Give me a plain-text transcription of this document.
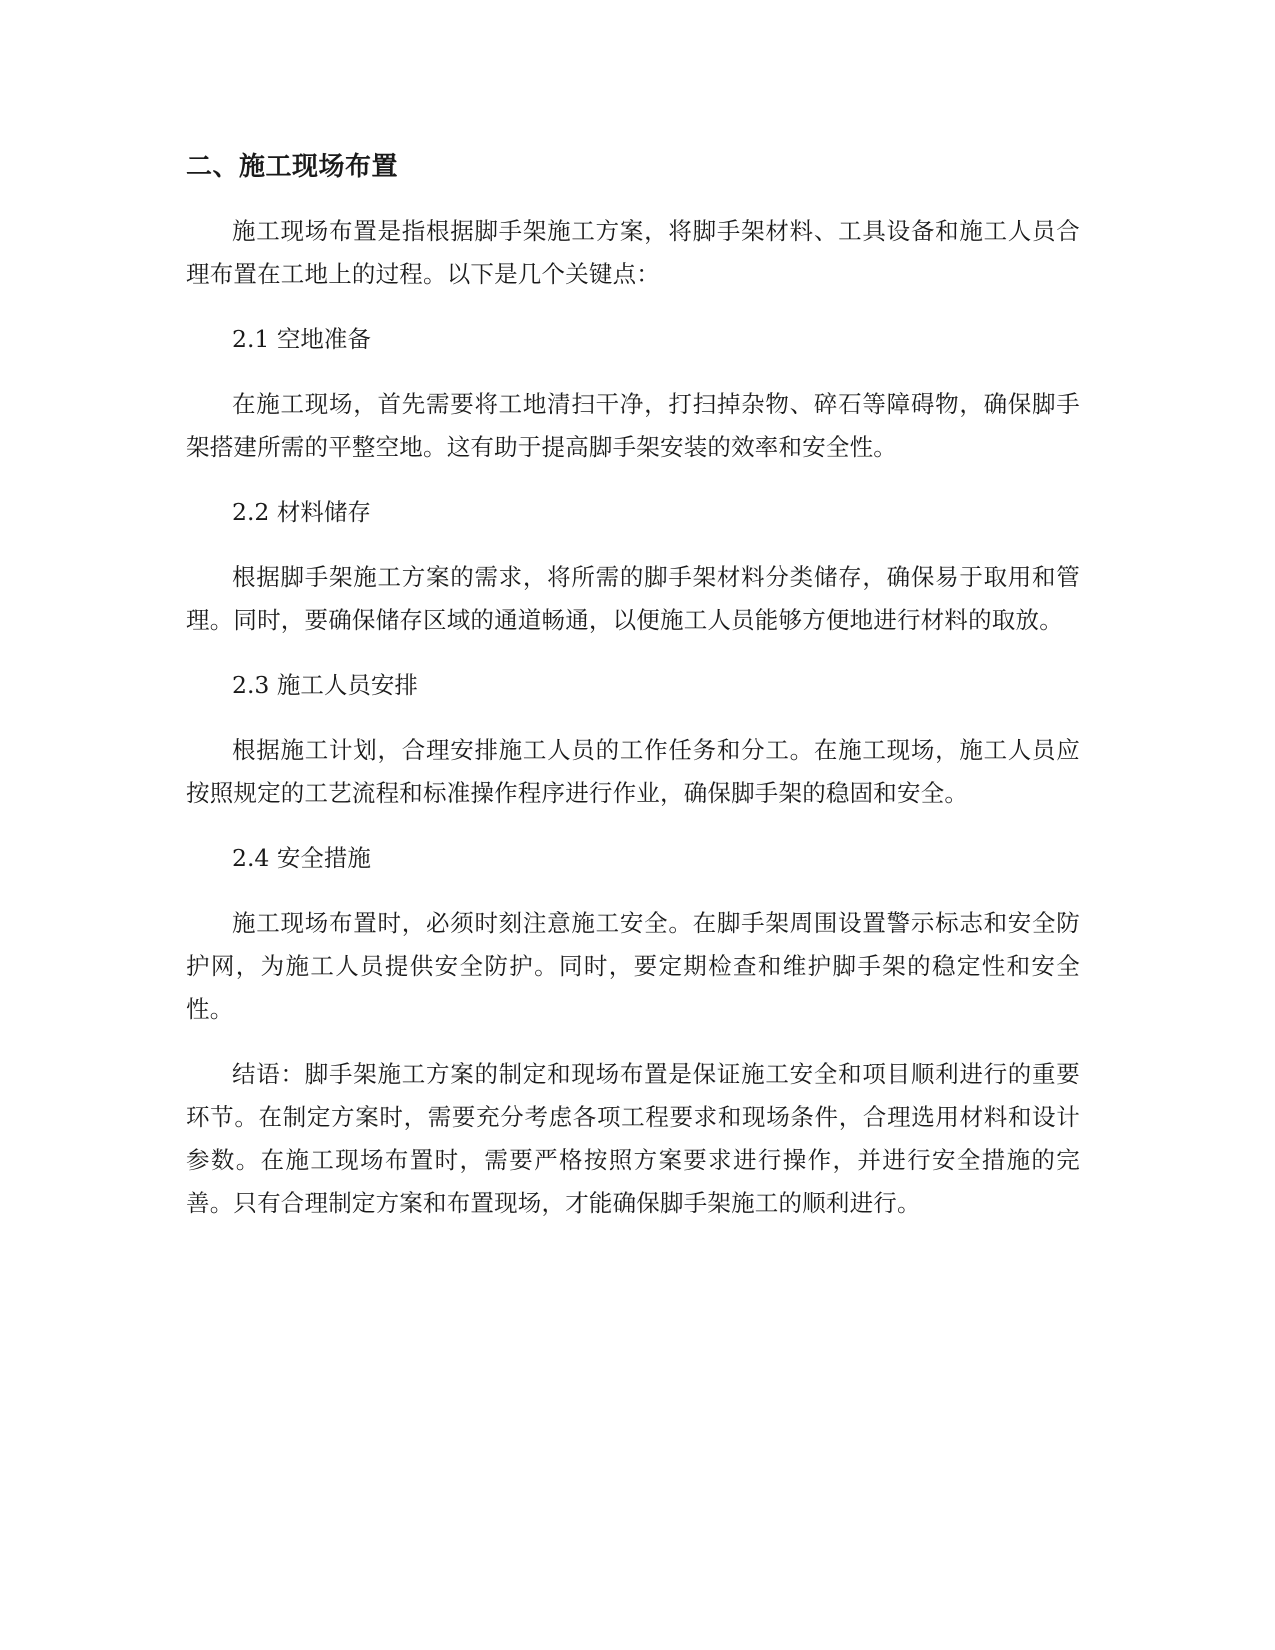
二、施工现场布置

施工现场布置是指根据脚手架施工方案，将脚手架材料、工具设备和施工人员合理布置在工地上的过程。以下是几个关键点：

2.1 空地准备

在施工现场，首先需要将工地清扫干净，打扫掉杂物、碎石等障碍物，确保脚手架搭建所需的平整空地。这有助于提高脚手架安装的效率和安全性。

2.2 材料储存

根据脚手架施工方案的需求，将所需的脚手架材料分类储存，确保易于取用和管理。同时，要确保储存区域的通道畅通，以便施工人员能够方便地进行材料的取放。

2.3 施工人员安排

根据施工计划，合理安排施工人员的工作任务和分工。在施工现场，施工人员应按照规定的工艺流程和标准操作程序进行作业，确保脚手架的稳固和安全。

2.4 安全措施

施工现场布置时，必须时刻注意施工安全。在脚手架周围设置警示标志和安全防护网，为施工人员提供安全防护。同时，要定期检查和维护脚手架的稳定性和安全性。

结语：脚手架施工方案的制定和现场布置是保证施工安全和项目顺利进行的重要环节。在制定方案时，需要充分考虑各项工程要求和现场条件，合理选用材料和设计参数。在施工现场布置时，需要严格按照方案要求进行操作，并进行安全措施的完善。只有合理制定方案和布置现场，才能确保脚手架施工的顺利进行。
